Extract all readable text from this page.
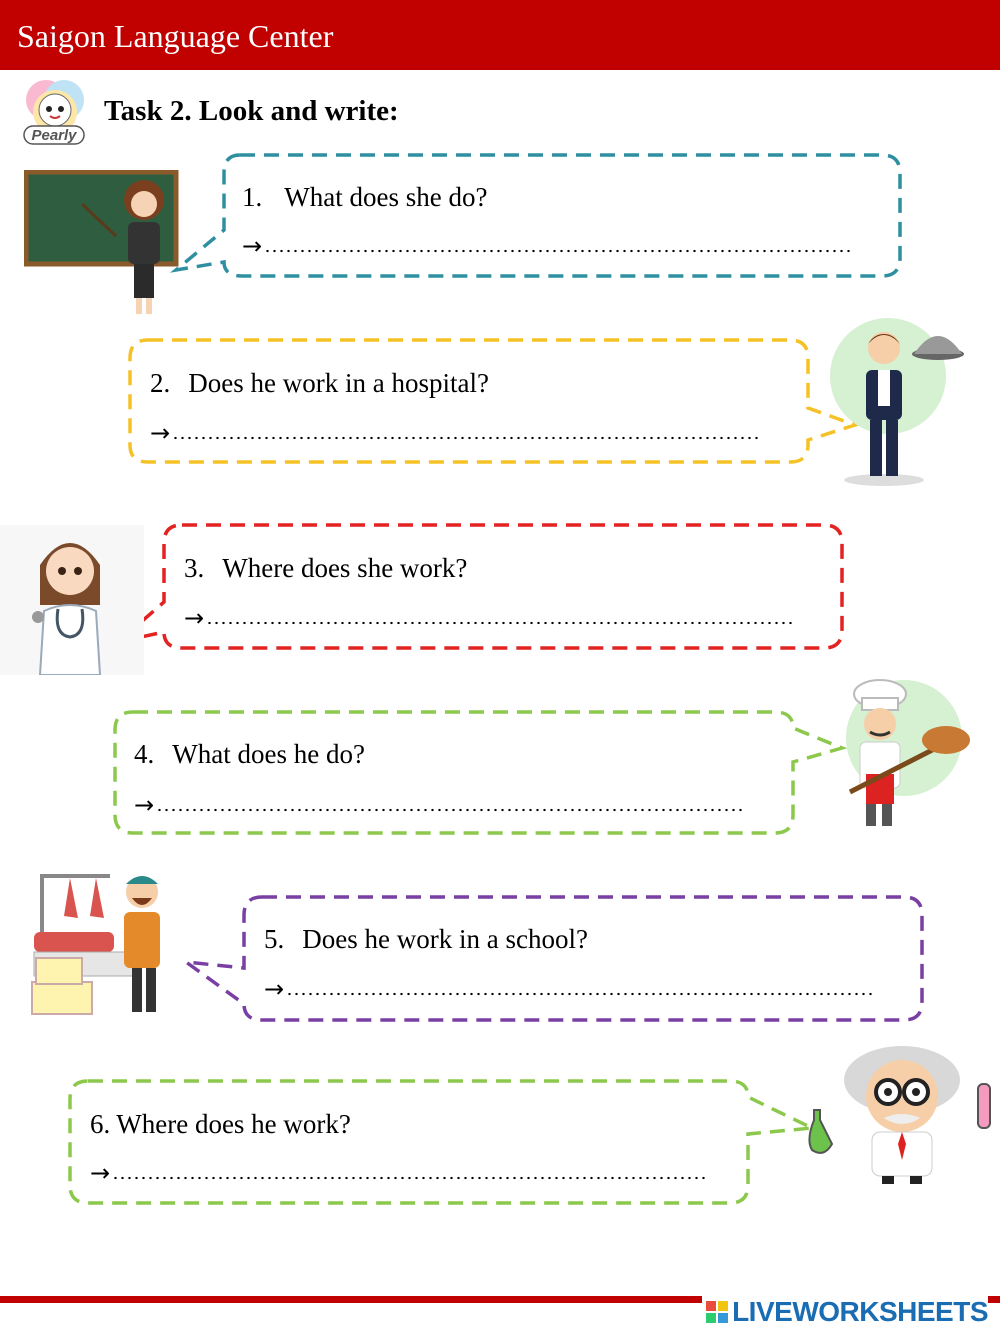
Saigon Language Center
Pearly
Task 2. Look and write:
1. What does she do?
→
2. Does he work in a hospital?
→
3. Where does she work?
→
4. What does he do?
→
5. Does he work in a school?
→
6. Where does he work?
→
LIVEWORKSHEETS
